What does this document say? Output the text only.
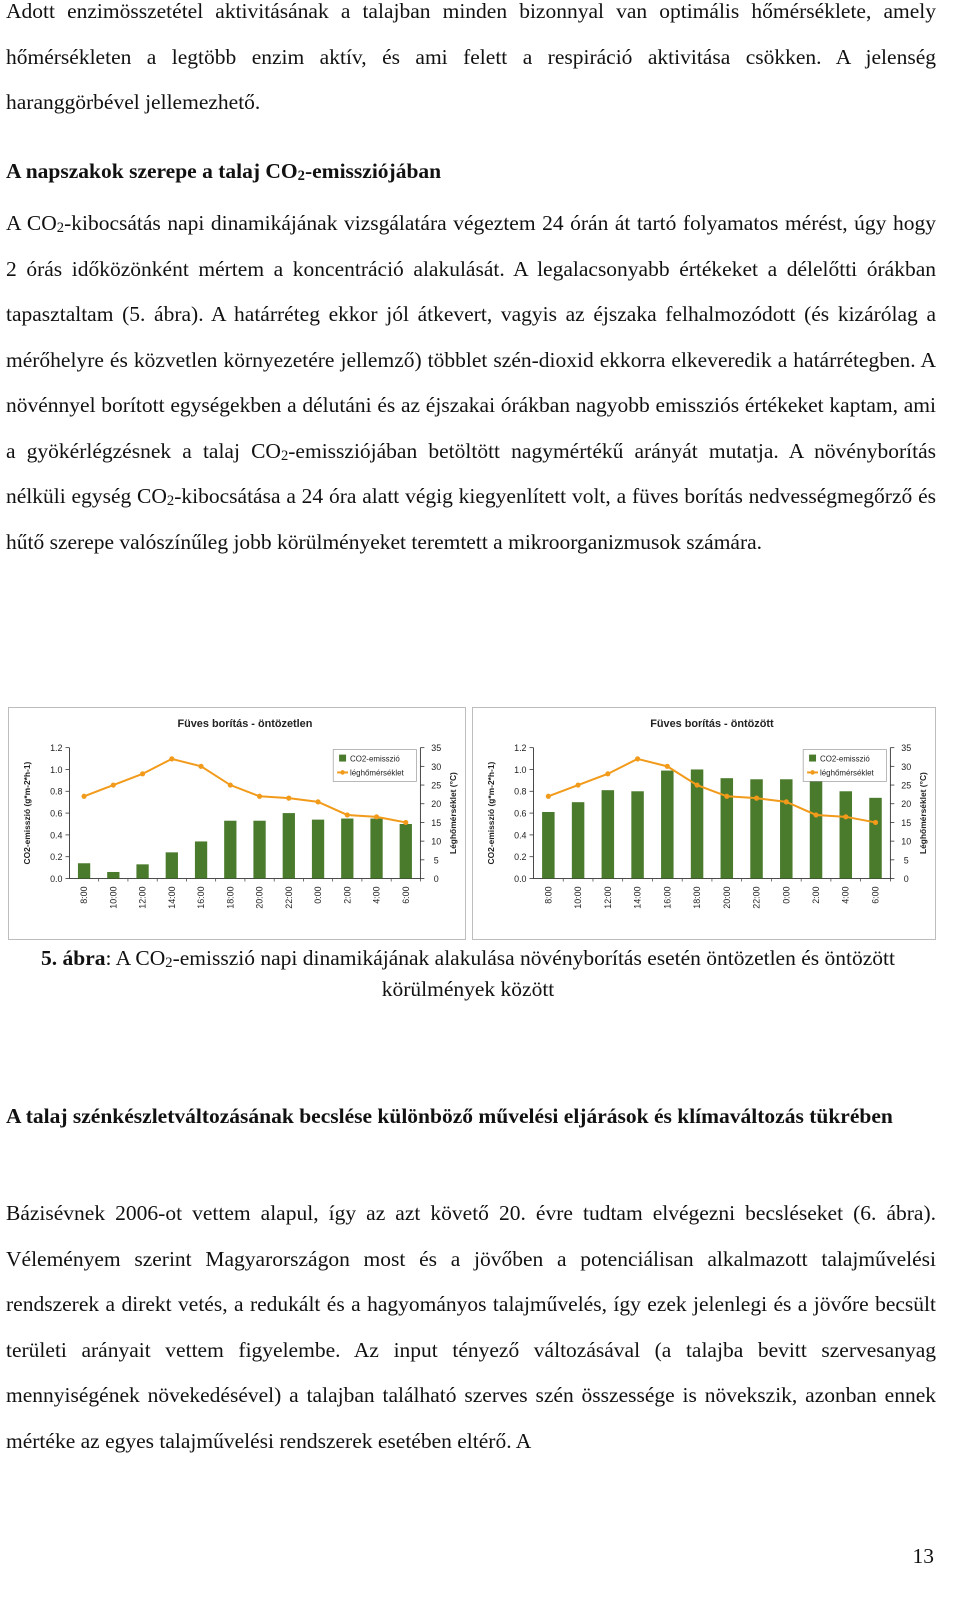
Adott enzimösszetétel aktivitásának a talajban minden bizonnyal van optimális hőmérséklete, amely hőmérsékleten a legtöbb enzim aktív, és ami felett a respiráció aktivitása csökken. A jelenség haranggörbével jellemezhető.

A napszakok szerepe a talaj $CO_2$-emissziójában

A $CO_2$-kibocsátás napi dinamikájának vizsgálatára végeztem 24 órán át tartó folyamatos mérést, úgy hogy 2 órás időközönként mértem a koncentráció alakulását. A legalacsonyabb értékeket a délelőtti órákban tapasztaltam (5. ábra). A határréteg ekkor jól átkevert, vagyis az éjszaka felhalmozódott (és kizárólag a mérőhelyre és közvetlen környezetére jellemző) többlet szén-dioxid ekkorra elkeveredik a határrétegben. A növénnyel borított egységekben a délutáni és az éjszakai órákban nagyobb emissziós értékeket kaptam, ami a gyökérlégzésnek a talaj $CO_2$-emissziójában betöltött nagymértékű arányát mutatja. A növényborítás nélküli egység $CO_2$-kibocsátása a 24 óra alatt végig kiegyenlített volt, a füves borítás nedvességmegőrző és hűtő szerepe valószínűleg jobb körülményeket teremtett a mikroorganizmusok számára.

Füves borítás - öntözetlen
0.0
0.2
0.4
0.6
0.8
1.0
1.2
0
5
10
15
20
25
30
35
CO2-emisszió (g*m-2*h-1)	Léghőmérséklet (°C)
8:00 10:00 12:00 14:00 16:00 18:00 20:00 22:00 0:00 2:00 4:00 6:00
CO2-emisszió
léghőmérséklet
Füves borítás - öntözött
0.0
0.2
0.4
0.6
0.8
1.0
1.2
0
5
10
15
20
25
30
35
CO2-emisszió (g*m-2*h-1)	Léghőmérséklet (°C)
8:00 10:00 12:00 14:00 16:00 18:00 20:00 22:00 0:00 2:00 4:00 6:00
CO2-emisszió
léghőmérséklet

5. ábra: A $CO_2$-emisszió napi dinamikájának alakulása növényborítás esetén öntözetlen és öntözött körülmények között

A talaj szénkészletváltozásának becslése különböző művelési eljárások és klímaváltozás tükrében

Bázisévnek 2006-ot vettem alapul, így az azt követő 20. évre tudtam elvégezni becsléseket (6. ábra). Véleményem szerint Magyarországon most és a jövőben a potenciálisan alkalmazott talajművelési rendszerek a direkt vetés, a redukált és a hagyományos talajművelés, így ezek jelenlegi és a jövőre becsült területi arányait vettem figyelembe. Az input tényező változásával (a talajba bevitt szervesanyag mennyiségének növekedésével) a talajban található szerves szén összessége is növekszik, azonban ennek mértéke az egyes talajművelési rendszerek esetében eltérő. A

13
